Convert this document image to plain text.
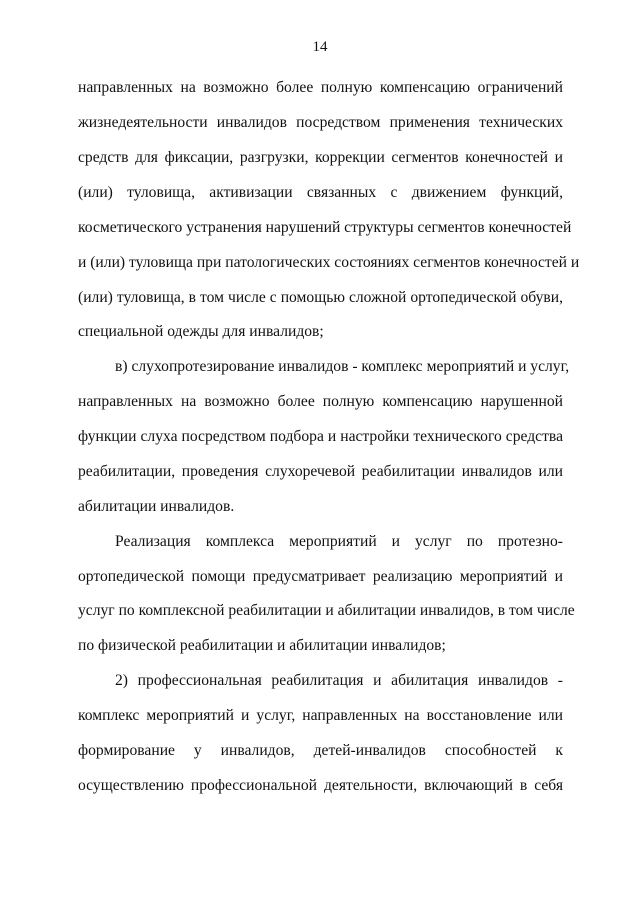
14
направленных на возможно более полную компенсацию ограничений
жизнедеятельности инвалидов посредством применения технических
средств для фиксации, разгрузки, коррекции сегментов конечностей и
(или) туловища, активизации связанных с движением функций,
косметического устранения нарушений структуры сегментов конечностей
и (или) туловища при патологических состояниях сегментов конечностей и
(или) туловища, в том числе с помощью сложной ортопедической обуви,
специальной одежды для инвалидов;
в) слухопротезирование инвалидов - комплекс мероприятий и услуг,
направленных на возможно более полную компенсацию нарушенной
функции слуха посредством подбора и настройки технического средства
реабилитации, проведения слухоречевой реабилитации инвалидов или
абилитации инвалидов.
Реализация комплекса мероприятий и услуг по протезно-
ортопедической помощи предусматривает реализацию мероприятий и
услуг по комплексной реабилитации и абилитации инвалидов, в том числе
по физической реабилитации и абилитации инвалидов;
2) профессиональная реабилитация и абилитация инвалидов -
комплекс мероприятий и услуг, направленных на восстановление или
формирование у инвалидов, детей-инвалидов способностей к
осуществлению профессиональной деятельности, включающий в себя
